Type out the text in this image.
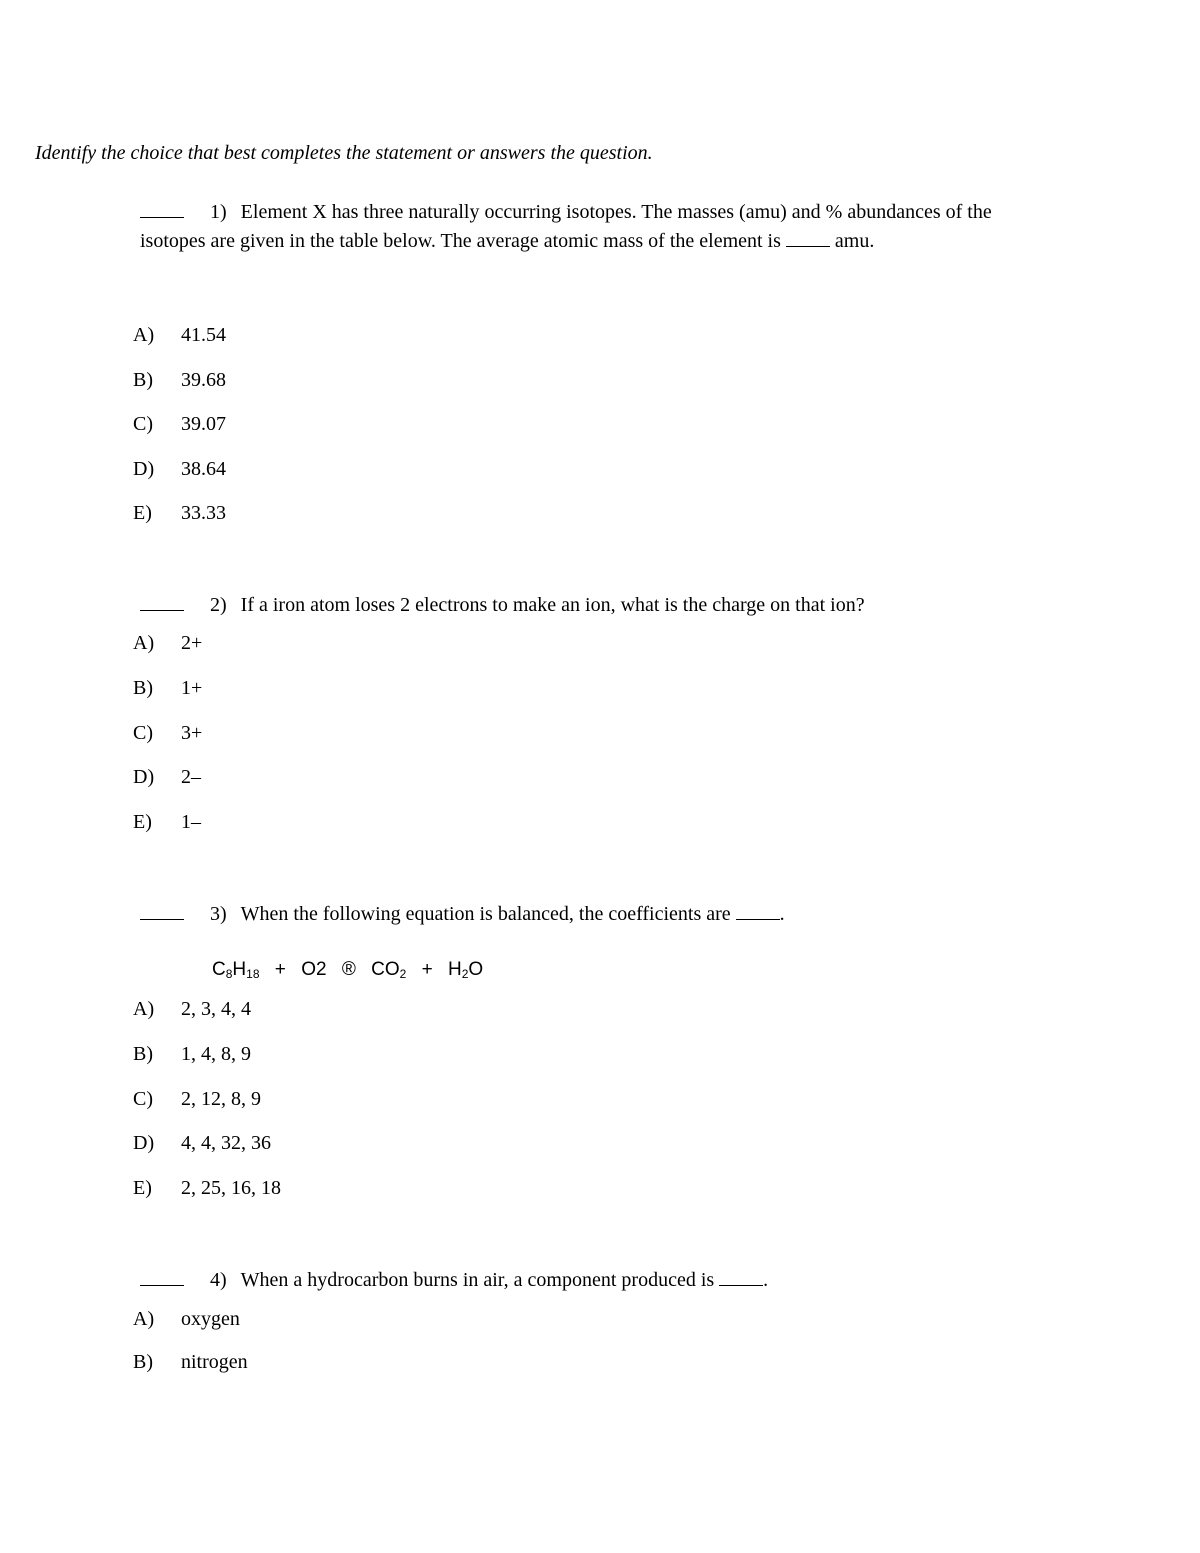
Identify the choice that best completes the statement or answers the question.
1) Element X has three naturally occurring isotopes. The masses (amu) and % abundances of the
isotopes are given in the table below. The average atomic mass of the element is	amu.
A) 41.54
B) 39.68
C) 39.07
D) 38.64
E) 33.33
2) If a iron atom loses 2 electrons to make an ion, what is the charge on that ion?
A) 2+
B) 1+
C) 3+
D) 2–
E) 1–
3) When the following equation is balanced, the coefficients are .
$C_8H_{18} + O2$ ® $CO_2 + H_2O$
A) 2, 3, 4, 4
B) 1, 4, 8, 9
C) 2, 12, 8, 9
D) 4, 4, 32, 36
E) 2, 25, 16, 18
4) When a hydrocarbon burns in air, a component produced is .
A) oxygen
B) nitrogen
